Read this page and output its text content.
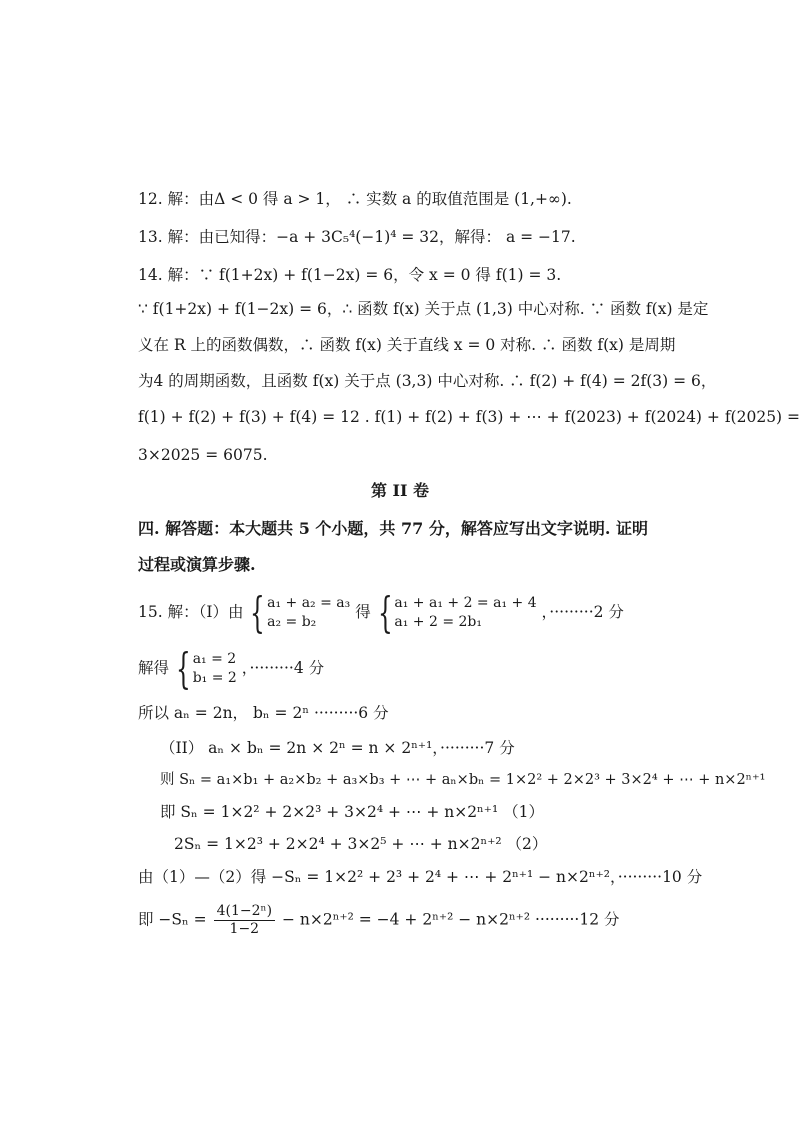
12. 解：由Δ < 0 得 a > 1， ∴ 实数 a 的取值范围是 (1,+∞).
13. 解：由已知得：−a + 3C₅⁴(−1)⁴ = 32，解得： a = −17.
14. 解：∵ f(1+2x) + f(1−2x) = 6，令 x = 0 得 f(1) = 3.
∵ f(1+2x) + f(1−2x) = 6，∴ 函数 f(x) 关于点 (1,3) 中心对称. ∵ 函数 f(x) 是定
义在 R 上的函数偶数，∴ 函数 f(x) 关于直线 x = 0 对称. ∴ 函数 f(x) 是周期
为4 的周期函数，且函数 f(x) 关于点 (3,3) 中心对称. ∴ f(2) + f(4) = 2f(3) = 6，
f(1) + f(2) + f(3) + f(4) = 12 . f(1) + f(2) + f(3) + ⋯ + f(2023) + f(2024) + f(2025) =
3×2025 = 6075.
第 II 卷
四. 解答题：本大题共 5 个小题，共 77 分，解答应写出文字说明. 证明
过程或演算步骤.
15. 解：（I）由 { a₁ + a₂ = a₃
a₂ = b₂
得 { a₁ + a₁ + 2 = a₁ + 4
a₁ + 2 = 2b₁
，·········2 分
解得 { a₁ = 2
b₁ = 2
，·········4 分
所以 aₙ = 2n， bₙ = 2ⁿ ·········6 分
（II） aₙ × bₙ = 2n × 2ⁿ = n × 2ⁿ⁺¹，·········7 分
则 Sₙ = a₁×b₁ + a₂×b₂ + a₃×b₃ + ⋯ + aₙ×bₙ = 1×2² + 2×2³ + 3×2⁴ + ⋯ + n×2ⁿ⁺¹
即 Sₙ = 1×2² + 2×2³ + 3×2⁴ + ⋯ + n×2ⁿ⁺¹ （1）
2Sₙ = 1×2³ + 2×2⁴ + 3×2⁵ + ⋯ + n×2ⁿ⁺² （2）
由（1）—（2）得 −Sₙ = 1×2² + 2³ + 2⁴ + ⋯ + 2ⁿ⁺¹ − n×2ⁿ⁺²，·········10 分
即 $-S_n = \frac{\text{4(1−2ⁿ)}}{1-2} - n\times 2^{n+2} = -4 + 2^{n+2} - n\times 2^{n+2} \cdot\cdot\cdot\cdot\cdot\cdot\cdot\cdot\cdot 12$ 分
